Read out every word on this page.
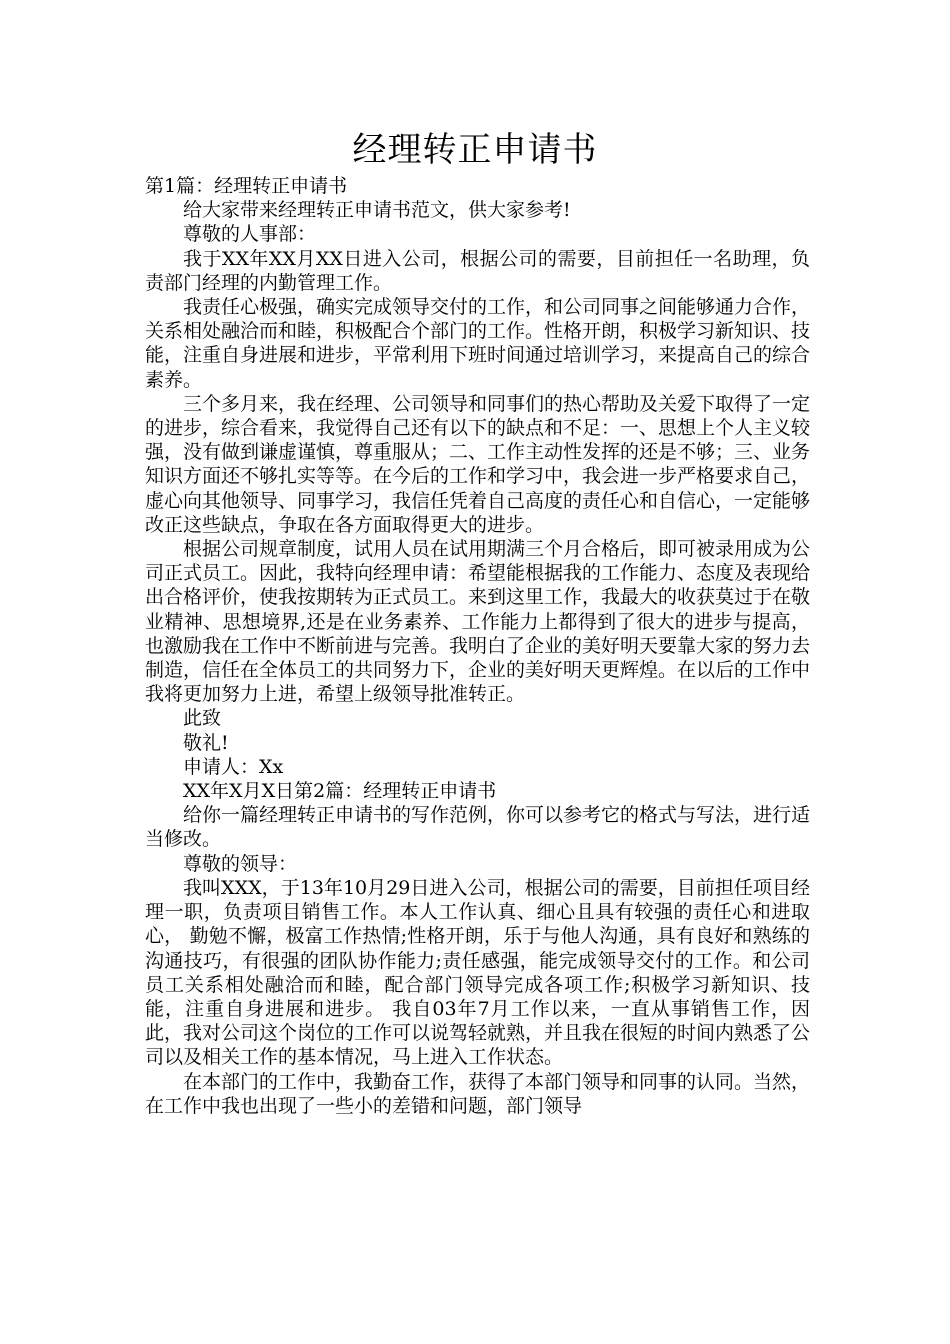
经理转正申请书

第1篇：经理转正申请书

给大家带来经理转正申请书范文，供大家参考!

尊敬的人事部：

我于XX年XX月XX日进入公司，根据公司的需要，目前担任一名助理，负责部门经理的内勤管理工作。

我责任心极强，确实完成领导交付的工作，和公司同事之间能够通力合作，关系相处融洽而和睦，积极配合个部门的工作。性格开朗，积极学习新知识、技能，注重自身进展和进步，平常利用下班时间通过培训学习，来提高自己的综合素养。

三个多月来，我在经理、公司领导和同事们的热心帮助及关爱下取得了一定的进步，综合看来，我觉得自己还有以下的缺点和不足：一、思想上个人主义较强，没有做到谦虚谨慎，尊重服从；二、工作主动性发挥的还是不够；三、业务知识方面还不够扎实等等。在今后的工作和学习中，我会进一步严格要求自己，虚心向其他领导、同事学习，我信任凭着自己高度的责任心和自信心，一定能够改正这些缺点，争取在各方面取得更大的进步。

根据公司规章制度，试用人员在试用期满三个月合格后，即可被录用成为公司正式员工。因此，我特向经理申请：希望能根据我的工作能力、态度及表现给出合格评价，使我按期转为正式员工。来到这里工作，我最大的收获莫过于在敬业精神、思想境界,还是在业务素养、工作能力上都得到了很大的进步与提高，也激励我在工作中不断前进与完善。我明白了企业的美好明天要靠大家的努力去制造，信任在全体员工的共同努力下，企业的美好明天更辉煌。在以后的工作中我将更加努力上进，希望上级领导批准转正。

此致

敬礼!

申请人：Xx

XX年X月X日第2篇：经理转正申请书

给你一篇经理转正申请书的写作范例，你可以参考它的格式与写法，进行适当修改。

尊敬的领导：

我叫XXX，于13年10月29日进入公司，根据公司的需要，目前担任项目经理一职，负责项目销售工作。本人工作认真、细心且具有较强的责任心和进取心， 勤勉不懈，极富工作热情;性格开朗，乐于与他人沟通，具有良好和熟练的沟通技巧，有很强的团队协作能力;责任感强，能完成领导交付的工作。和公司员工关系相处融洽而和睦，配合部门领导完成各项工作;积极学习新知识、技能，注重自身进展和进步。 我自03年7月工作以来，一直从事销售工作，因此，我对公司这个岗位的工作可以说驾轻就熟，并且我在很短的时间内熟悉了公司以及相关工作的基本情况，马上进入工作状态。

在本部门的工作中，我勤奋工作，获得了本部门领导和同事的认同。当然，在工作中我也出现了一些小的差错和问题，部门领导
